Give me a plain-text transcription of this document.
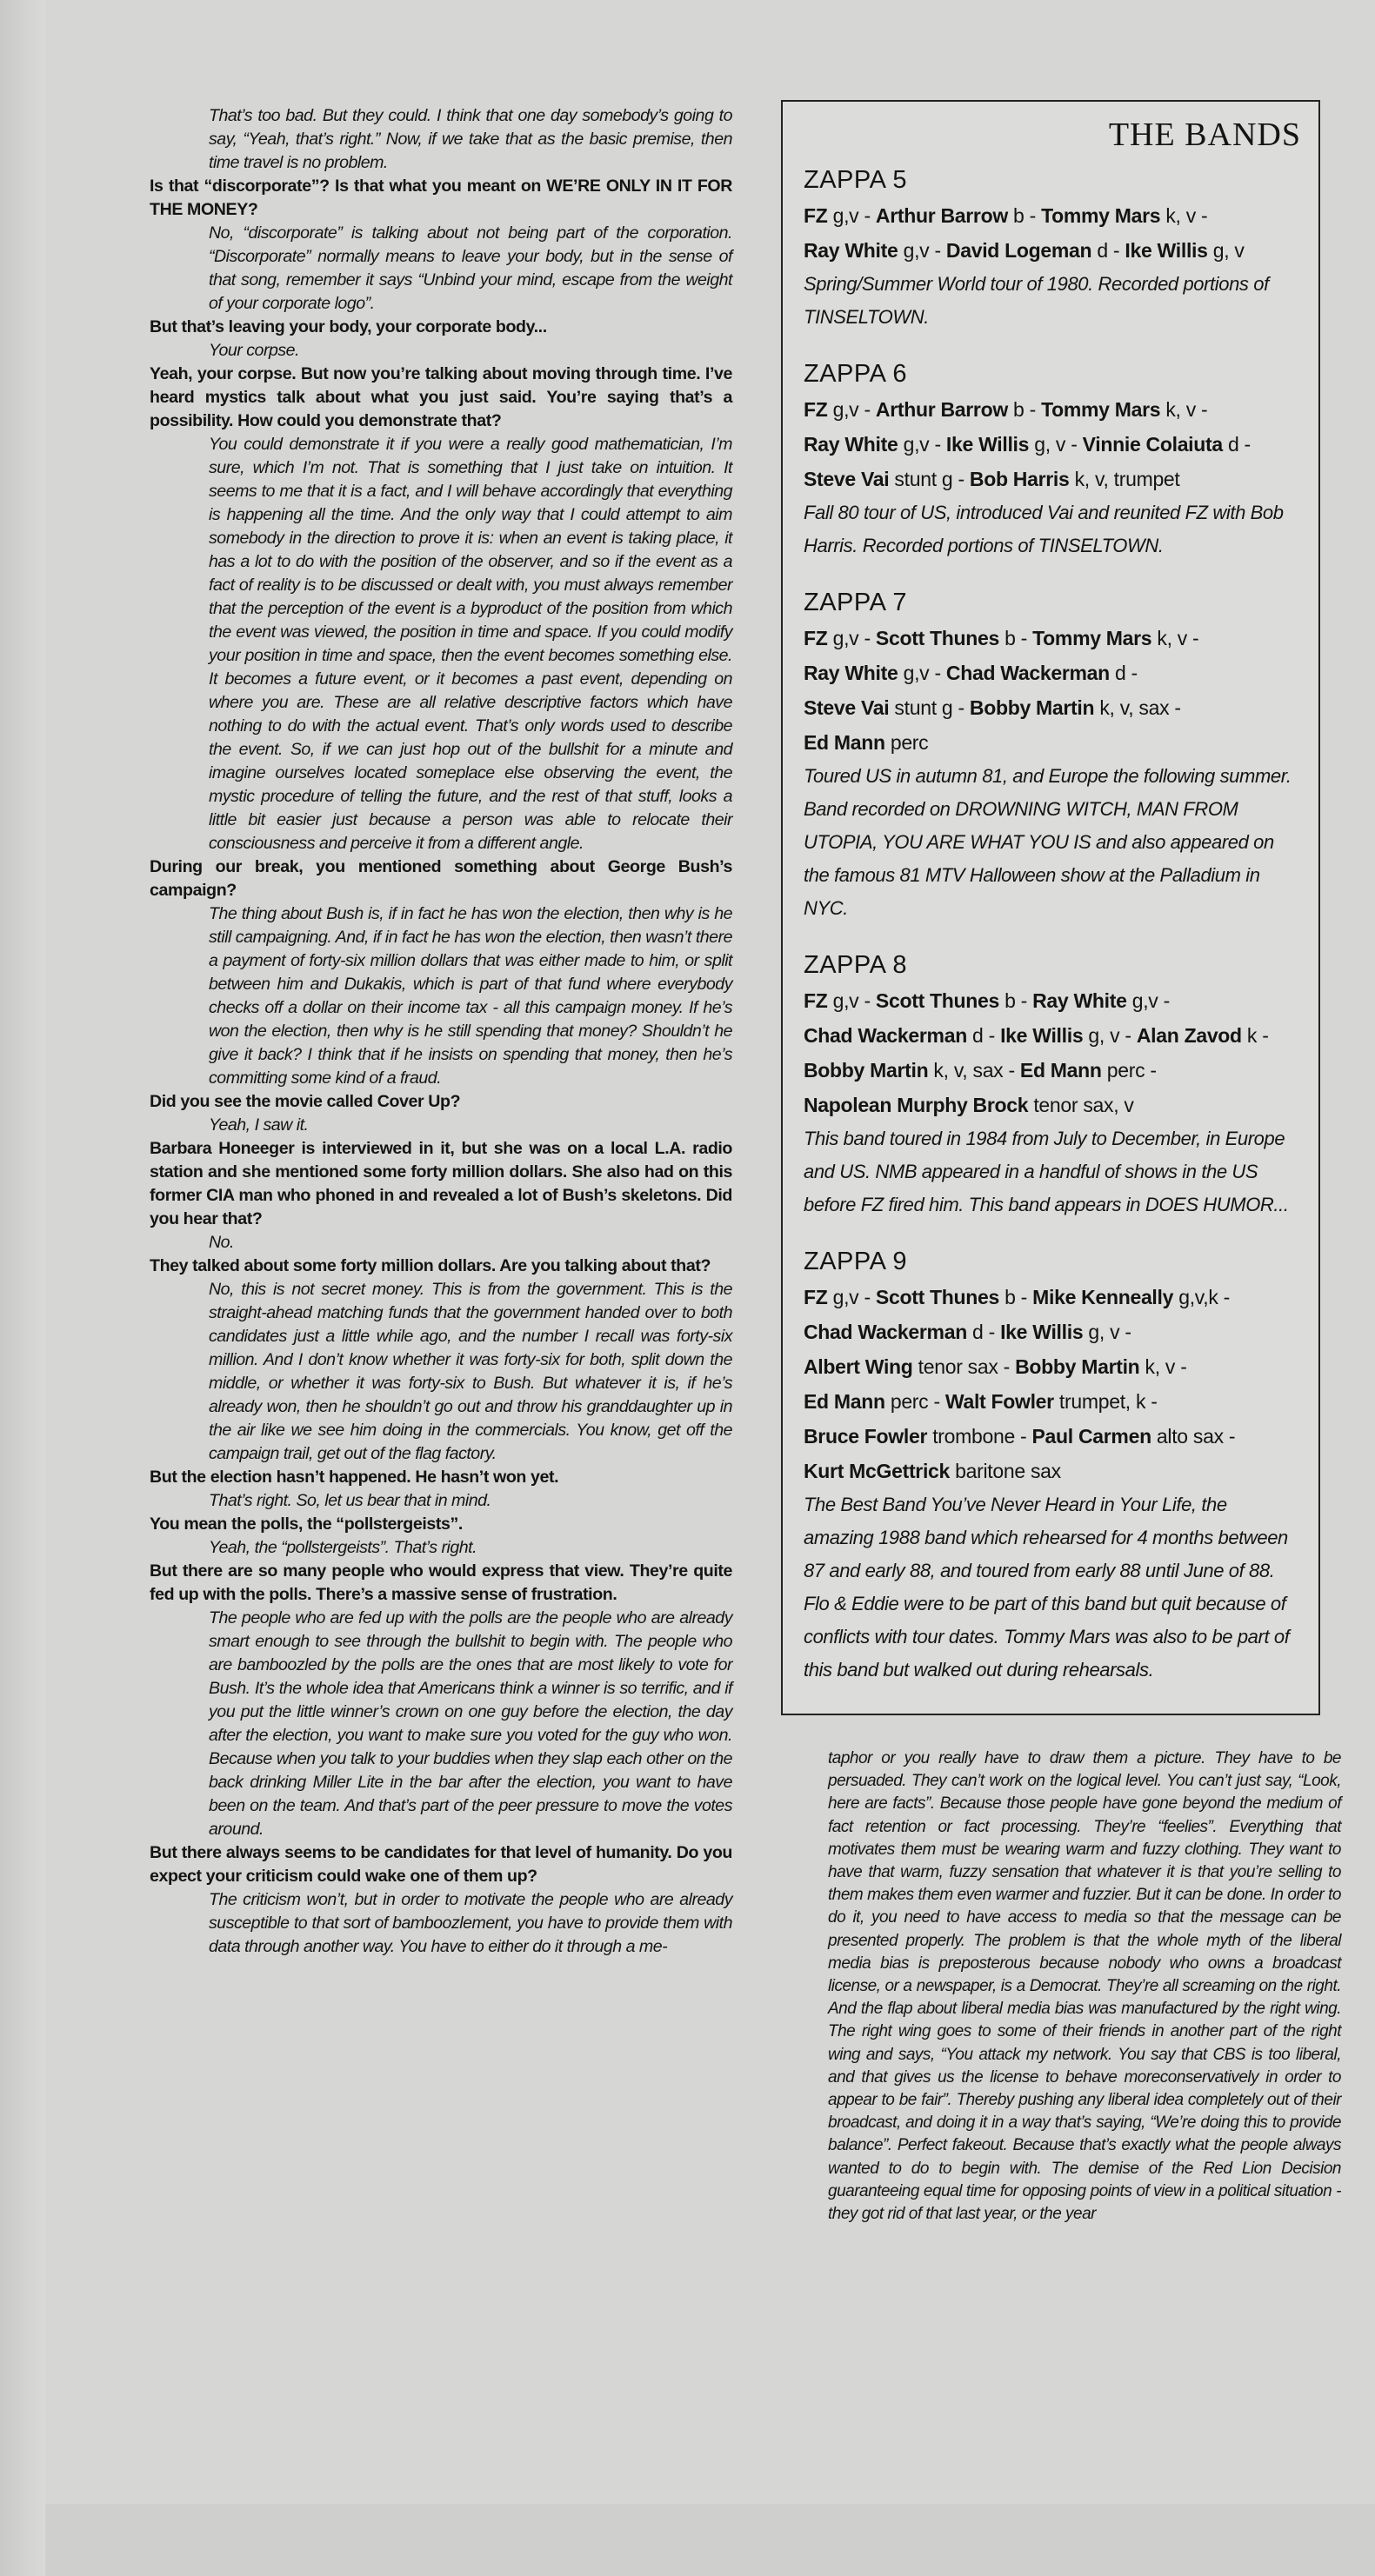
That’s too bad. But they could. I think that one day somebody’s going to say, “Yeah, that’s right.” Now, if we take that as the basic premise, then time travel is no problem.

Is that “discorporate”? Is that what you meant on WE’RE ONLY IN IT FOR THE MONEY?

No, “discorporate” is talking about not being part of the corporation. “Discorporate” normally means to leave your body, but in the sense of that song, remember it says “Unbind your mind, escape from the weight of your corporate logo”.

But that’s leaving your body, your corporate body...

Your corpse.

Yeah, your corpse. But now you’re talking about moving through time. I’ve heard mystics talk about what you just said. You’re saying that’s a possibility. How could you demonstrate that?

You could demonstrate it if you were a really good mathematician, I’m sure, which I’m not. That is something that I just take on intuition. It seems to me that it is a fact, and I will behave accordingly that everything is happening all the time. And the only way that I could attempt to aim somebody in the direction to prove it is: when an event is taking place, it has a lot to do with the position of the observer, and so if the event as a fact of reality is to be discussed or dealt with, you must always remember that the perception of the event is a byproduct of the position from which the event was viewed, the position in time and space. If you could modify your position in time and space, then the event becomes something else. It becomes a future event, or it becomes a past event, depending on where you are. These are all relative descriptive factors which have nothing to do with the actual event. That’s only words used to describe the event. So, if we can just hop out of the bullshit for a minute and imagine ourselves located someplace else observing the event, the mystic procedure of telling the future, and the rest of that stuff, looks a little bit easier just because a person was able to relocate their consciousness and perceive it from a different angle.

During our break, you mentioned something about George Bush’s campaign?

The thing about Bush is, if in fact he has won the election, then why is he still campaigning. And, if in fact he has won the election, then wasn’t there a payment of forty-six million dollars that was either made to him, or split between him and Dukakis, which is part of that fund where everybody checks off a dollar on their income tax - all this campaign money. If he’s won the election, then why is he still spending that money? Shouldn’t he give it back? I think that if he insists on spending that money, then he’s committing some kind of a fraud.

Did you see the movie called Cover Up?

Yeah, I saw it.

Barbara Honeeger is interviewed in it, but she was on a local L.A. radio station and she mentioned some forty million dollars. She also had on this former CIA man who phoned in and revealed a lot of Bush’s skeletons. Did you hear that?

No.

They talked about some forty million dollars. Are you talking about that?

No, this is not secret money. This is from the government. This is the straight-ahead matching funds that the government handed over to both candidates just a little while ago, and the number I recall was forty-six million. And I don’t know whether it was forty-six for both, split down the middle, or whether it was forty-six to Bush. But whatever it is, if he’s already won, then he shouldn’t go out and throw his granddaughter up in the air like we see him doing in the commercials. You know, get off the campaign trail, get out of the flag factory.

But the election hasn’t happened. He hasn’t won yet.

That’s right. So, let us bear that in mind.

You mean the polls, the “pollstergeists”.

Yeah, the “pollstergeists”. That’s right.

But there are so many people who would express that view. They’re quite fed up with the polls. There’s a massive sense of frustration.

The people who are fed up with the polls are the people who are already smart enough to see through the bullshit to begin with. The people who are bamboozled by the polls are the ones that are most likely to vote for Bush. It’s the whole idea that Americans think a winner is so terrific, and if you put the little winner’s crown on one guy before the election, the day after the election, you want to make sure you voted for the guy who won. Because when you talk to your buddies when they slap each other on the back drinking Miller Lite in the bar after the election, you want to have been on the team. And that’s part of the peer pressure to move the votes around.

But there always seems to be candidates for that level of humanity. Do you expect your criticism could wake one of them up?

The criticism won’t, but in order to motivate the people who are already susceptible to that sort of bamboozlement, you have to provide them with data through another way. You have to either do it through a me-

THE BANDS
ZAPPA 5
FZ g,v - Arthur Barrow b - Tommy Mars k, v -
Ray White g,v - David Logeman d - Ike Willis g, v
Spring/Summer World tour of 1980. Recorded portions of TINSELTOWN.
ZAPPA 6
FZ g,v - Arthur Barrow b - Tommy Mars k, v -
Ray White g,v - Ike Willis g, v - Vinnie Colaiuta d -
Steve Vai stunt g - Bob Harris k, v, trumpet
Fall 80 tour of US, introduced Vai and reunited FZ with Bob Harris. Recorded portions of TINSELTOWN.
ZAPPA 7
FZ g,v - Scott Thunes b - Tommy Mars k, v -
Ray White g,v - Chad Wackerman d -
Steve Vai stunt g - Bobby Martin k, v, sax -
Ed Mann perc
Toured US in autumn 81, and Europe the following summer. Band recorded on DROWNING WITCH, MAN FROM UTOPIA, YOU ARE WHAT YOU IS and also appeared on the famous 81 MTV Halloween show at the Palladium in NYC.
ZAPPA 8
FZ g,v - Scott Thunes b - Ray White g,v -
Chad Wackerman d - Ike Willis g, v - Alan Zavod k -
Bobby Martin k, v, sax - Ed Mann perc -
Napolean Murphy Brock tenor sax, v
This band toured in 1984 from July to December, in Europe and US. NMB appeared in a handful of shows in the US before FZ fired him. This band appears in DOES HUMOR...
ZAPPA 9
FZ g,v - Scott Thunes b - Mike Kenneally g,v,k -
Chad Wackerman d - Ike Willis g, v -
Albert Wing tenor sax - Bobby Martin k, v -
Ed Mann perc - Walt Fowler trumpet, k -
Bruce Fowler trombone - Paul Carmen alto sax -
Kurt McGettrick baritone sax
The Best Band You’ve Never Heard in Your Life, the amazing 1988 band which rehearsed for 4 months between 87 and early 88, and toured from early 88 until June of 88. Flo & Eddie were to be part of this band but quit because of conflicts with tour dates. Tommy Mars was also to be part of this band but walked out during rehearsals.

taphor or you really have to draw them a picture. They have to be persuaded. They can’t work on the logical level. You can’t just say, “Look, here are facts”. Because those people have gone beyond the medium of fact retention or fact processing. They’re “feelies”. Everything that motivates them must be wearing warm and fuzzy clothing. They want to have that warm, fuzzy sensation that whatever it is that you’re selling to them makes them even warmer and fuzzier. But it can be done. In order to do it, you need to have access to media so that the message can be presented properly. The problem is that the whole myth of the liberal media bias is preposterous because nobody who owns a broadcast license, or a newspaper, is a Democrat. They’re all screaming on the right. And the flap about liberal media bias was manufactured by the right wing. The right wing goes to some of their friends in another part of the right wing and says, “You attack my network. You say that CBS is too liberal, and that gives us the license to behave moreconservatively in order to appear to be fair”. Thereby pushing any liberal idea completely out of their broadcast, and doing it in a way that’s saying, “We’re doing this to provide balance”. Perfect fakeout. Because that’s exactly what the people always wanted to do to begin with. The demise of the Red Lion Decision guaranteeing equal time for opposing points of view in a political situation - they got rid of that last year, or the year
